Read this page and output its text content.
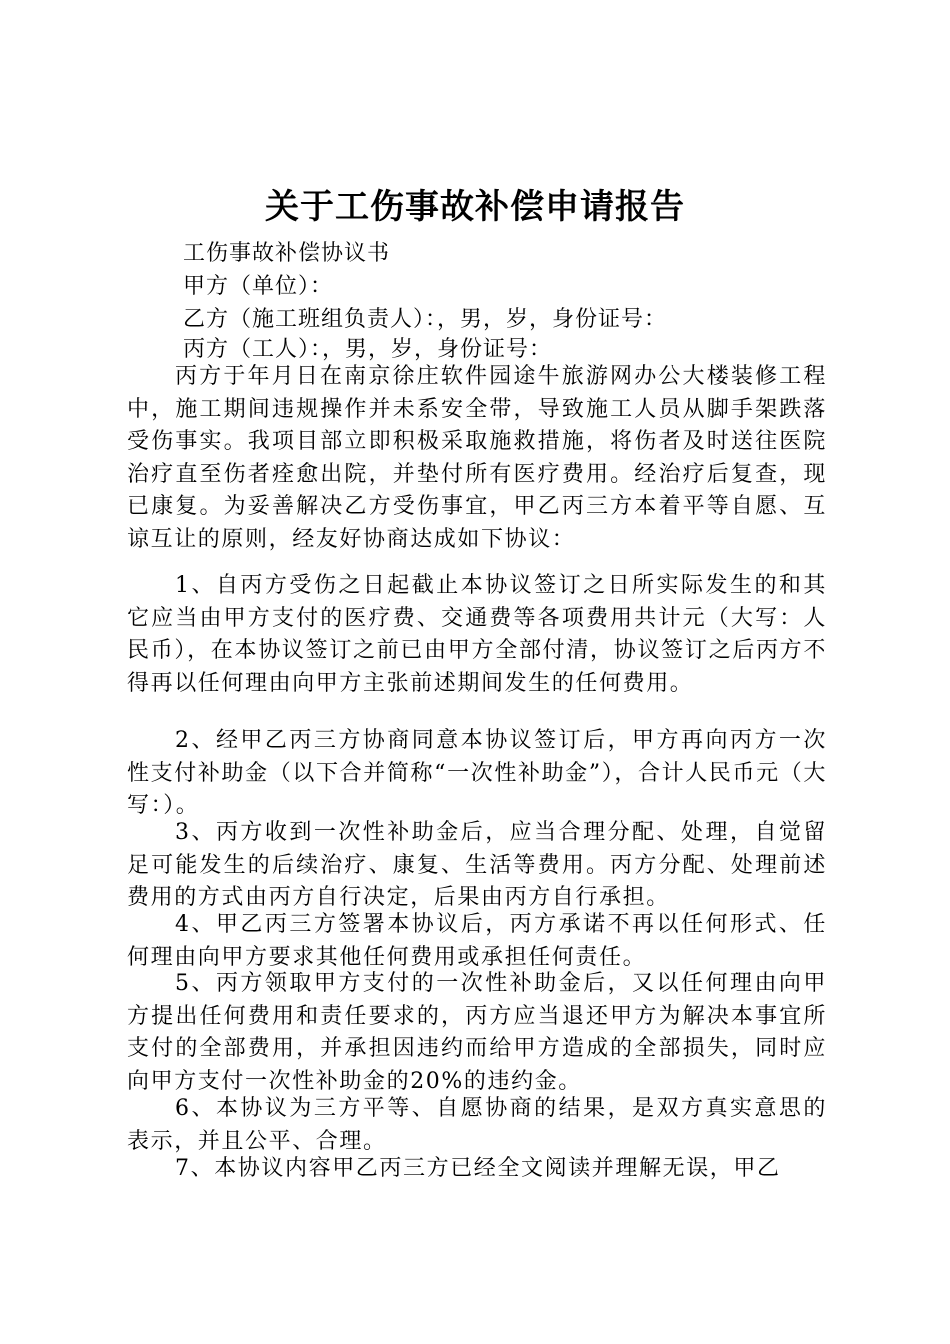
关于工伤事故补偿申请报告
工伤事故补偿协议书
甲方（单位）：
乙方（施工班组负责人）：，男，岁，身份证号：
丙方（工人）：，男，岁，身份证号：
丙方于年月日在南京徐庄软件园途牛旅游网办公大楼装修工程中，施工期间违规操作并未系安全带，导致施工人员从脚手架跌落受伤事实。我项目部立即积极采取施救措施，将伤者及时送往医院治疗直至伤者痊愈出院，并垫付所有医疗费用。经治疗后复查，现已康复。为妥善解决乙方受伤事宜，甲乙丙三方本着平等自愿、互谅互让的原则，经友好协商达成如下协议：
1、自丙方受伤之日起截止本协议签订之日所实际发生的和其它应当由甲方支付的医疗费、交通费等各项费用共计元（大写：人民币），在本协议签订之前已由甲方全部付清，协议签订之后丙方不得再以任何理由向甲方主张前述期间发生的任何费用。
2、经甲乙丙三方协商同意本协议签订后，甲方再向丙方一次性支付补助金（以下合并简称“一次性补助金”），合计人民币元（大写：）。
3、丙方收到一次性补助金后，应当合理分配、处理，自觉留足可能发生的后续治疗、康复、生活等费用。丙方分配、处理前述费用的方式由丙方自行决定，后果由丙方自行承担。
4、甲乙丙三方签署本协议后，丙方承诺不再以任何形式、任何理由向甲方要求其他任何费用或承担任何责任。
5、丙方领取甲方支付的一次性补助金后，又以任何理由向甲方提出任何费用和责任要求的，丙方应当退还甲方为解决本事宜所支付的全部费用，并承担因违约而给甲方造成的全部损失，同时应向甲方支付一次性补助金的20%的违约金。
6、本协议为三方平等、自愿协商的结果，是双方真实意思的表示，并且公平、合理。
7、本协议内容甲乙丙三方已经全文阅读并理解无误，甲乙
